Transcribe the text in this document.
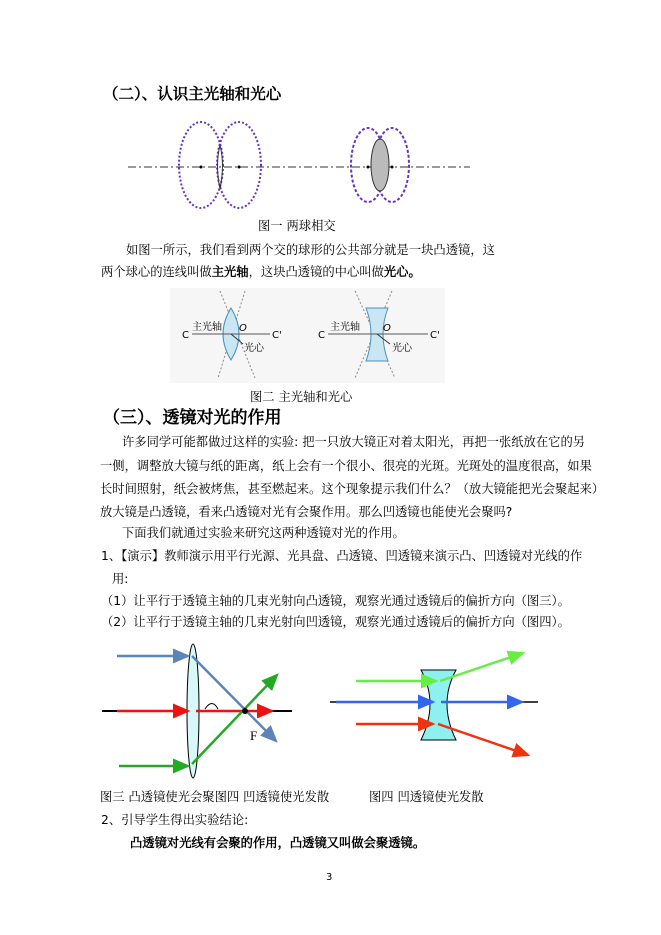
（二）、认识主光轴和光心
图一 两球相交
如图一所示，我们看到两个交的球形的公共部分就是一块凸透镜，这
两个球心的连线叫做主光轴，这块凸透镜的中心叫做光心。
C	C'
O
主光轴
光心
C	C'
O
主光轴
光心
图二 主光轴和光心
（三）、透镜对光的作用
许多同学可能都做过这样的实验: 把一只放大镜正对着太阳光，再把一张纸放在它的另
一侧，调整放大镜与纸的距离，纸上会有一个很小、很亮的光斑。光斑处的温度很高，如果
长时间照射，纸会被烤焦，甚至燃起来。这个现象提示我们什么？（放大镜能把光会聚起来）
放大镜是凸透镜，看来凸透镜对光有会聚作用。那么凹透镜也能使光会聚吗?
下面我们就通过实验来研究这两种透镜对光的作用。
1、【演示】教师演示用平行光源、光具盘、凸透镜、凹透镜来演示凸、凹透镜对光线的作
用:
（1）让平行于透镜主轴的几束光射向凸透镜，观察光通过透镜后的偏折方向（图三）。
（2）让平行于透镜主轴的几束光射向凹透镜，观察光通过透镜后的偏折方向（图四）。
F
图三 凸透镜使光会聚图四 凹透镜使光发散	图四 凹透镜使光发散
2、引导学生得出实验结论:
凸透镜对光线有会聚的作用，凸透镜又叫做会聚透镜。
3
